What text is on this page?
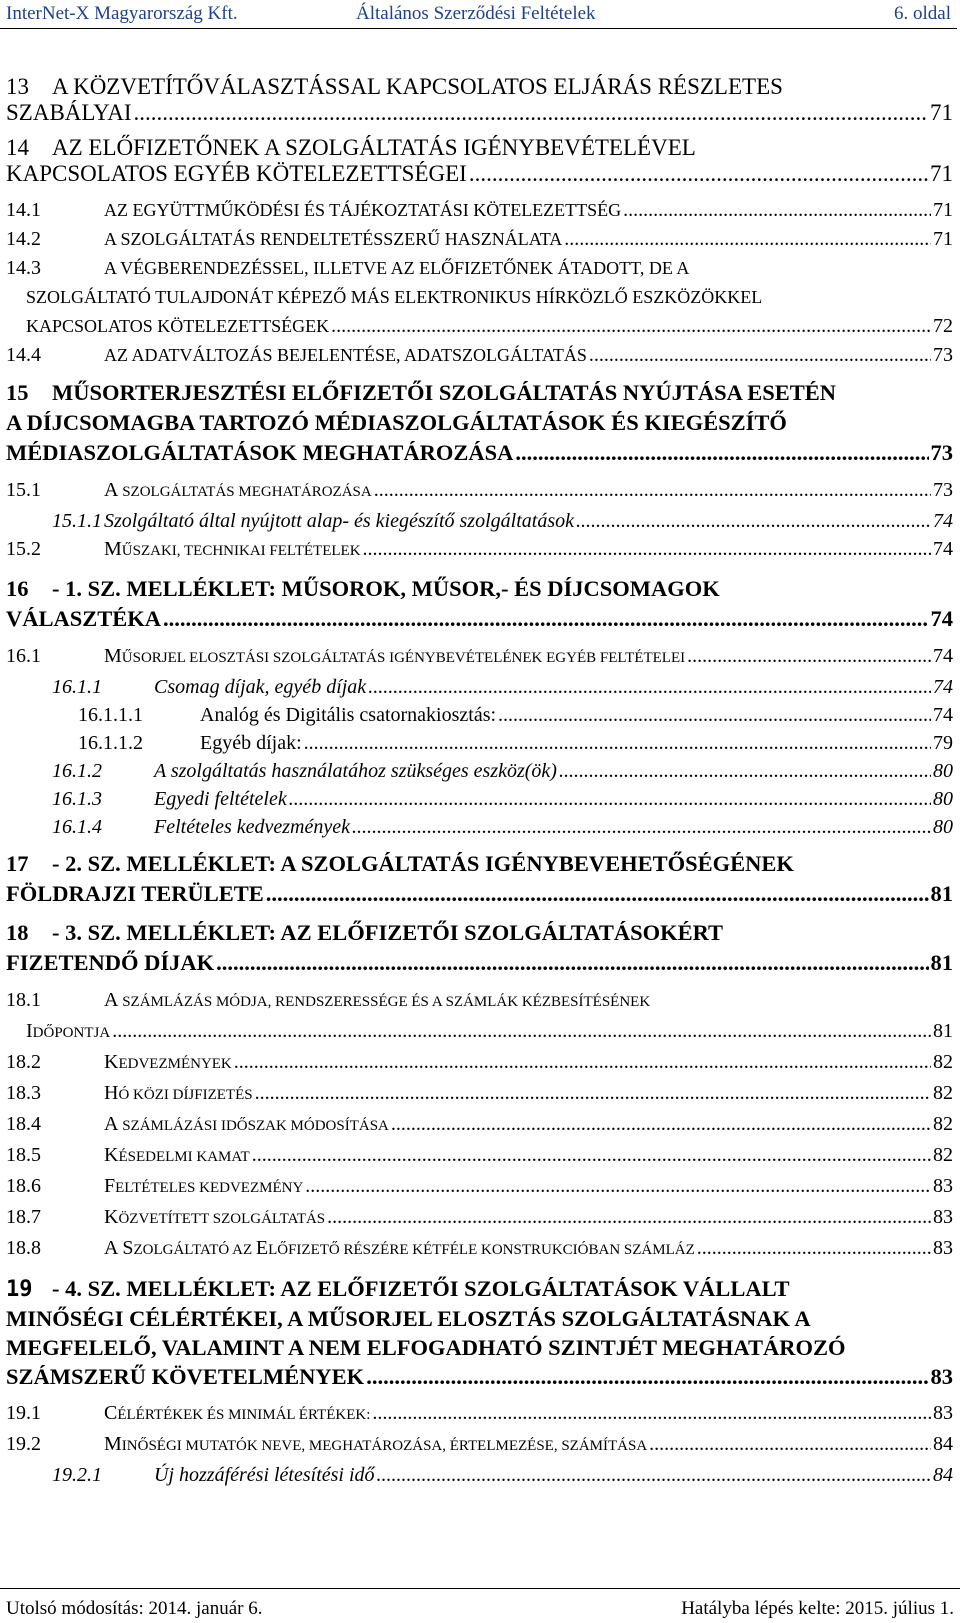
InterNet-X Magyarország Kft.	Általános Szerződési Feltételek	6. oldal
13	A KÖZVETÍTŐVÁLASZTÁSSAL KAPCSOLATOS ELJÁRÁS RÉSZLETES
SZABÁLYAI .....	71
14	AZ ELŐFIZETŐNEK A SZOLGÁLTATÁS IGÉNYBEVÉTELÉVEL
KAPCSOLATOS EGYÉB KÖTELEZETTSÉGEI .....	71
14.1	AZ EGYÜTTMŰKÖDÉSI ÉS TÁJÉKOZTATÁSI KÖTELEZETTSÉG .....	71
14.2	A SZOLGÁLTATÁS RENDELTETÉSSZERŰ HASZNÁLATA .....	71
14.3	A VÉGBERENDEZÉSSEL, ILLETVE AZ ELŐFIZETŐNEK ÁTADOTT, DE A
SZOLGÁLTATÓ TULAJDONÁT KÉPEZŐ MÁS ELEKTRONIKUS HÍRKÖZLŐ ESZKÖZÖKKEL
KAPCSOLATOS KÖTELEZETTSÉGEK .....	72
14.4	AZ ADATVÁLTOZÁS BEJELENTÉSE, ADATSZOLGÁLTATÁS .....	73
15	MŰSORTERJESZTÉSI ELŐFIZETŐI SZOLGÁLTATÁS NYÚJTÁSA ESETÉN
A DÍJCSOMAGBA TARTOZÓ MÉDIASZOLGÁLTATÁSOK ÉS KIEGÉSZÍTŐ
MÉDIASZOLGÁLTATÁSOK MEGHATÁROZÁSA .....	73
15.1	A SZOLGÁLTATÁS MEGHATÁROZÁSA .....	73
15.1.1 Szolgáltató által nyújtott alap- és kiegészítő szolgáltatások .....	74
15.2	MŰSZAKI, TECHNIKAI FELTÉTELEK .....	74
16	- 1. SZ. MELLÉKLET: MŰSOROK, MŰSOR,- ÉS DÍJCSOMAGOK
VÁLASZTÉKA .....	74
16.1	MŰSORJEL ELOSZTÁSI SZOLGÁLTATÁS IGÉNYBEVÉTELÉNEK EGYÉB FELTÉTELEI .....	74
16.1.1	Csomag díjak, egyéb díjak .....	74
16.1.1.1	Analóg és Digitális csatornakiosztás: .....	74
16.1.1.2	Egyéb díjak: .....	79
16.1.2	A szolgáltatás használatához szükséges eszköz(ök) .....	80
16.1.3	Egyedi feltételek .....	80
16.1.4	Feltételes kedvezmények .....	80
17	- 2. SZ. MELLÉKLET: A SZOLGÁLTATÁS IGÉNYBEVEHETŐSÉGÉNEK
FÖLDRAJZI TERÜLETE .....	81
18	- 3. SZ. MELLÉKLET: AZ ELŐFIZETŐI SZOLGÁLTATÁSOKÉRT
FIZETENDŐ DÍJAK .....	81
18.1	A SZÁMLÁZÁS MÓDJA, RENDSZERESSÉGE ÉS A SZÁMLÁK KÉZBESÍTÉSÉNEK
IDŐPONTJA .....	81
18.2	KEDVEZMÉNYEK .....	82
18.3	HÓ KÖZI DÍJFIZETÉS .....	82
18.4	A SZÁMLÁZÁSI IDŐSZAK MÓDOSÍTÁSA .....	82
18.5	KÉSEDELMI KAMAT .....	82
18.6	FELTÉTELES KEDVEZMÉNY .....	83
18.7	KÖZVETÍTETT SZOLGÁLTATÁS .....	83
18.8	A SZOLGÁLTATÓ AZ ELŐFIZETŐ RÉSZÉRE KÉTFÉLE KONSTRUKCIÓBAN SZÁMLÁZ .....	83
19 - 4. SZ. MELLÉKLET: AZ ELŐFIZETŐI SZOLGÁLTATÁSOK VÁLLALT
MINŐSÉGI CÉLÉRTÉKEI, A MŰSORJEL ELOSZTÁS SZOLGÁLTATÁSNAK A
MEGFELELŐ, VALAMINT A NEM ELFOGADHATÓ SZINTJÉT MEGHATÁROZÓ
SZÁMSZERŰ KÖVETELMÉNYEK .....	83
19.1	CÉLÉRTÉKEK ÉS MINIMÁL ÉRTÉKEK: .....	83
19.2	MINŐSÉGI MUTATÓK NEVE, MEGHATÁROZÁSA, ÉRTELMEZÉSE, SZÁMÍTÁSA .....	84
19.2.1	Új hozzáférési létesítési idő .....	84
Utolsó módosítás: 2014. január 6.	Hatályba lépés kelte: 2015. július 1.
